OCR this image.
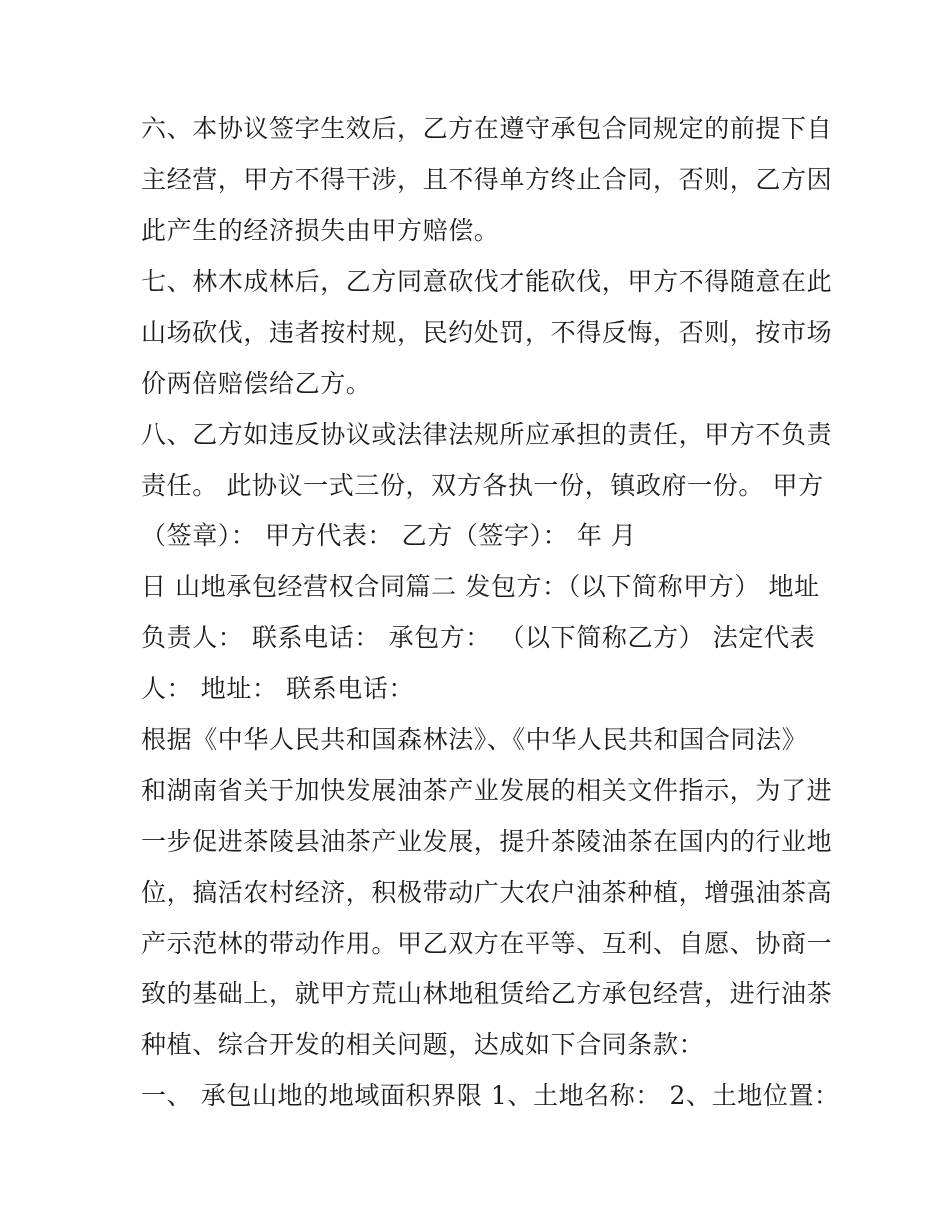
六、本协议签字生效后，乙方在遵守承包合同规定的前提下自

主经营，甲方不得干涉，且不得单方终止合同，否则，乙方因

此产生的经济损失由甲方赔偿。

七、林木成林后，乙方同意砍伐才能砍伐，甲方不得随意在此

山场砍伐，违者按村规，民约处罚，不得反悔，否则，按市场

价两倍赔偿给乙方。

八、乙方如违反协议或法律法规所应承担的责任，甲方不负责

责任。 此协议一式三份，双方各执一份，镇政府一份。 甲方

（签章）： 甲方代表： 乙方（签字）： 年 月

日 山地承包经营权合同篇二 发包方：（以下简称甲方） 地址

负责人： 联系电话： 承包方： （以下简称乙方） 法定代表

人： 地址： 联系电话：

根据《中华人民共和国森林法》、《中华人民共和国合同法》

和湖南省关于加快发展油茶产业发展的相关文件指示，为了进

一步促进茶陵县油茶产业发展，提升茶陵油茶在国内的行业地

位，搞活农村经济，积极带动广大农户油茶种植，增强油茶高

产示范林的带动作用。甲乙双方在平等、互利、自愿、协商一

致的基础上，就甲方荒山林地租赁给乙方承包经营，进行油茶

种植、综合开发的相关问题，达成如下合同条款：

一、 承包山地的地域面积界限 1、土地名称： 2、土地位置：
